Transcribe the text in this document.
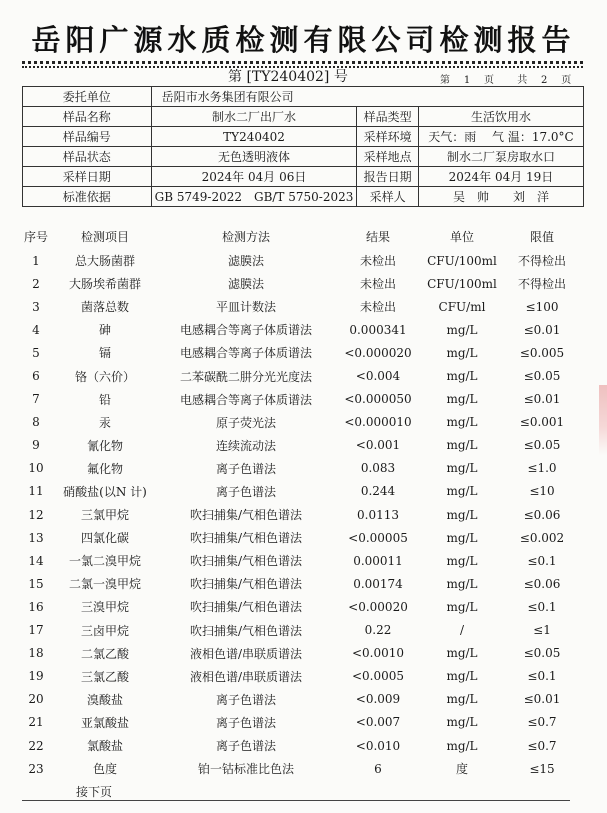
岳阳广源水质检测有限公司检测报告
第 [TY240402] 号	第 1 页 共 2 页
委托单位	岳阳市水务集团有限公司		
样品名称	制水二厂出厂水	样品类型	生活饮用水
样品编号	TY240402	采样环境	天气：雨　 气 温：17.0°C
样品状态	无色透明液体	采样地点	制水二厂泵房取水口
采样日期	2024年 04月 06日	报告日期	2024年 04月 19日
标准依据	GB 5749-2022　GB/T 5750-2023	采样人	吴　帅　　刘　洋
序号	检测项目	检测方法	结果	单位	限值
1	总大肠菌群	滤膜法	未检出	CFU/100ml	不得检出
2	大肠埃希菌群	滤膜法	未检出	CFU/100ml	不得检出
3	菌落总数	平皿计数法	未检出	CFU/ml	≤100
4	砷	电感耦合等离子体质谱法	0.000341	mg/L	≤0.01
5	镉	电感耦合等离子体质谱法	<0.000020	mg/L	≤0.005
6	铬（六价）	二苯碳酰二肼分光光度法	<0.004	mg/L	≤0.05
7	铅	电感耦合等离子体质谱法	<0.000050	mg/L	≤0.01
8	汞	原子荧光法	<0.000010	mg/L	≤0.001
9	氰化物	连续流动法	<0.001	mg/L	≤0.05
10	氟化物	离子色谱法	0.083	mg/L	≤1.0
11	硝酸盐(以N 计)	离子色谱法	0.244	mg/L	≤10
12	三氯甲烷	吹扫捕集/气相色谱法	0.0113	mg/L	≤0.06
13	四氯化碳	吹扫捕集/气相色谱法	<0.00005	mg/L	≤0.002
14	一氯二溴甲烷	吹扫捕集/气相色谱法	0.00011	mg/L	≤0.1
15	二氯一溴甲烷	吹扫捕集/气相色谱法	0.00174	mg/L	≤0.06
16	三溴甲烷	吹扫捕集/气相色谱法	<0.00020	mg/L	≤0.1
17	三卤甲烷	吹扫捕集/气相色谱法	0.22	/	≤1
18	二氯乙酸	液相色谱/串联质谱法	<0.0010	mg/L	≤0.05
19	三氯乙酸	液相色谱/串联质谱法	<0.0005	mg/L	≤0.1
20	溴酸盐	离子色谱法	<0.009	mg/L	≤0.01
21	亚氯酸盐	离子色谱法	<0.007	mg/L	≤0.7
22	氯酸盐	离子色谱法	<0.010	mg/L	≤0.7
23	色度	铂一钴标准比色法	6	度	≤15
接下页
